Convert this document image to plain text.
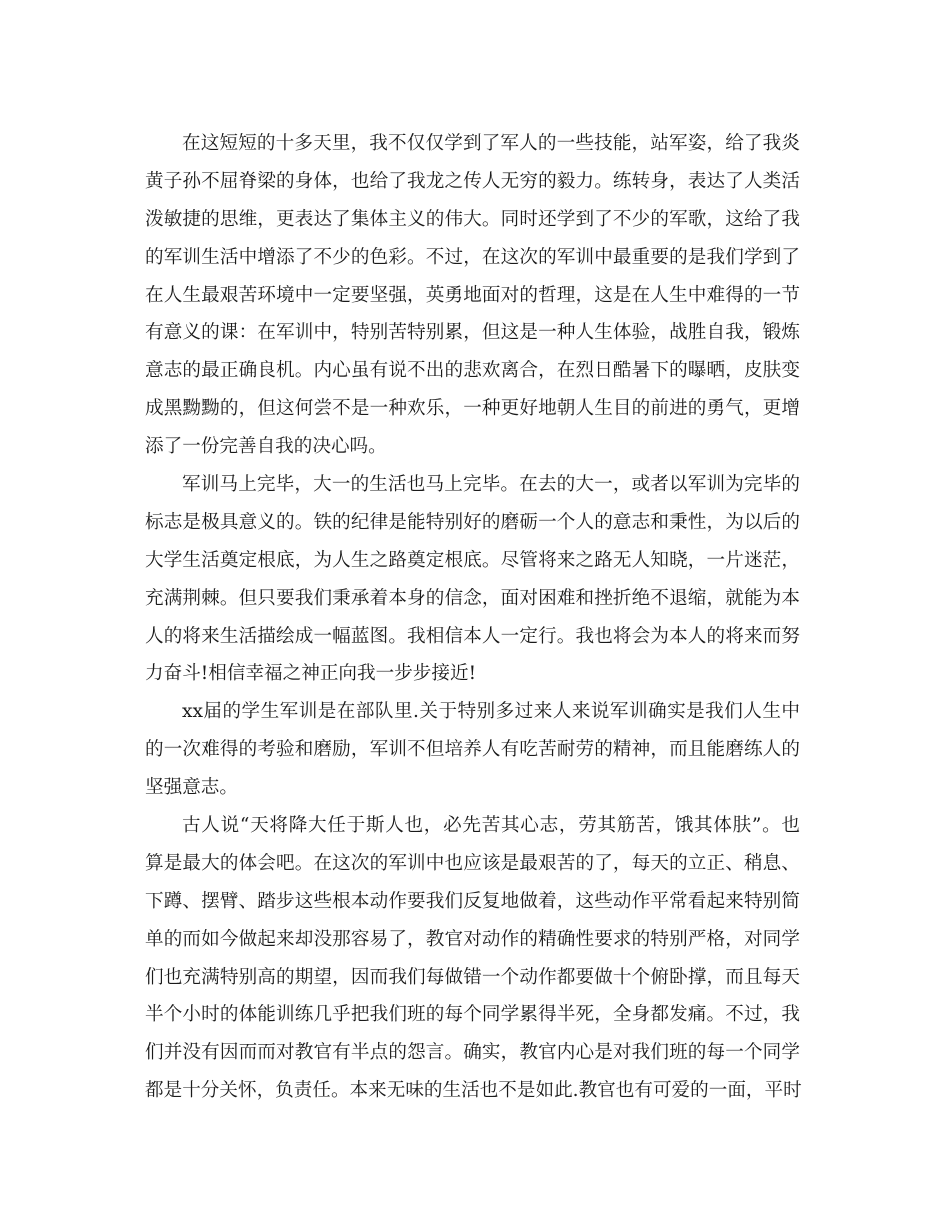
在这短短的十多天里，我不仅仅学到了军人的一些技能，站军姿，给了我炎
黄子孙不屈脊梁的身体，也给了我龙之传人无穷的毅力。练转身，表达了人类活
泼敏捷的思维，更表达了集体主义的伟大。同时还学到了不少的军歌，这给了我
的军训生活中增添了不少的色彩。不过，在这次的军训中最重要的是我们学到了
在人生最艰苦环境中一定要坚强，英勇地面对的哲理，这是在人生中难得的一节
有意义的课：在军训中，特别苦特别累，但这是一种人生体验，战胜自我，锻炼
意志的最正确良机。内心虽有说不出的悲欢离合，在烈日酷暑下的曝晒，皮肤变
成黑黝黝的，但这何尝不是一种欢乐，一种更好地朝人生目的前进的勇气，更增
添了一份完善自我的决心吗。
军训马上完毕，大一的生活也马上完毕。在去的大一，或者以军训为完毕的
标志是极具意义的。铁的纪律是能特别好的磨砺一个人的意志和秉性，为以后的
大学生活奠定根底，为人生之路奠定根底。尽管将来之路无人知晓，一片迷茫，
充满荆棘。但只要我们秉承着本身的信念，面对困难和挫折绝不退缩，就能为本
人的将来生活描绘成一幅蓝图。我相信本人一定行。我也将会为本人的将来而努
力奋斗!相信幸福之神正向我一步步接近!
xx届的学生军训是在部队里.关于特别多过来人来说军训确实是我们人生中
的一次难得的考验和磨励，军训不但培养人有吃苦耐劳的精神，而且能磨练人的
坚强意志。
古人说“天将降大任于斯人也，必先苦其心志，劳其筋苦，饿其体肤”。也
算是最大的体会吧。在这次的军训中也应该是最艰苦的了，每天的立正、稍息、
下蹲、摆臂、踏步这些根本动作要我们反复地做着，这些动作平常看起来特别简
单的而如今做起来却没那容易了，教官对动作的精确性要求的特别严格，对同学
们也充满特别高的期望，因而我们每做错一个动作都要做十个俯卧撑，而且每天
半个小时的体能训练几乎把我们班的每个同学累得半死，全身都发痛。不过，我
们并没有因而而对教官有半点的怨言。确实，教官内心是对我们班的每一个同学
都是十分关怀，负责任。本来无味的生活也不是如此.教官也有可爱的一面，平时
